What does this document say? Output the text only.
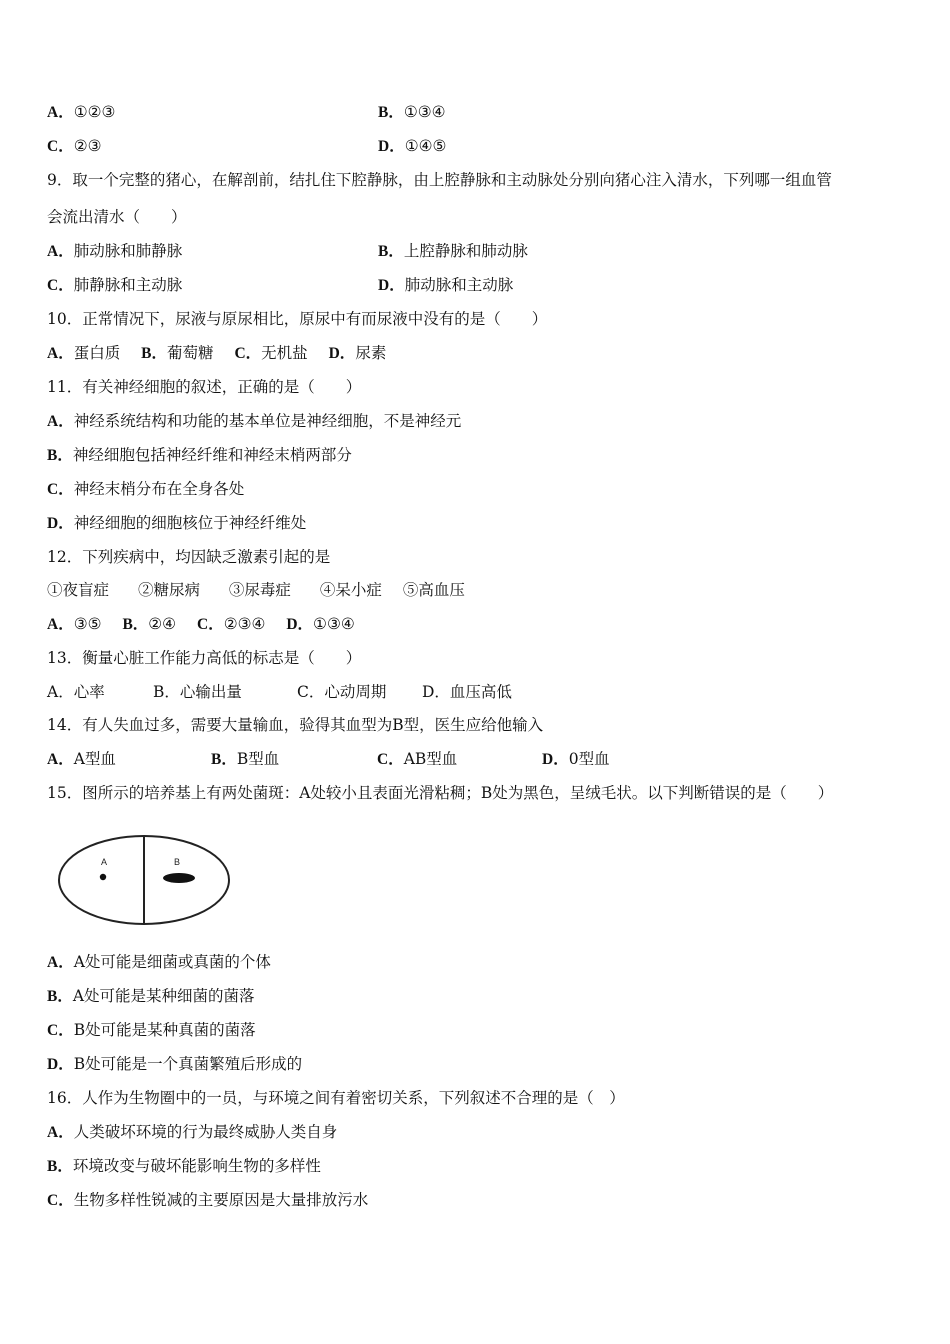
A．①②③	B．①③④
C．②③	D．①④⑤
9．取一个完整的猪心，在解剖前，结扎住下腔静脉，由上腔静脉和主动脉处分别向猪心注入清水，下列哪一组血管
会流出清水（　　）
A．肺动脉和肺静脉	B．上腔静脉和肺动脉
C．肺静脉和主动脉	D．肺动脉和主动脉
10．正常情况下，尿液与原尿相比，原尿中有而尿液中没有的是（　　）
A．蛋白质 B．葡萄糖 C．无机盐 D．尿素
11．有关神经细胞的叙述，正确的是（　　）
A．神经系统结构和功能的基本单位是神经细胞，不是神经元
B．神经细胞包括神经纤维和神经末梢两部分
C．神经末梢分布在全身各处
D．神经细胞的细胞核位于神经纤维处
12．下列疾病中，均因缺乏激素引起的是
①夜盲症 ②糖尿病 ③尿毒症 ④呆小症 ⑤高血压
A．③⑤ B．②④ C．②③④ D．①③④
13．衡量心脏工作能力高低的标志是（　　）
A．心率	B．心输出量	C．心动周期 D．血压高低
14．有人失血过多，需要大量输血，验得其血型为B型，医生应给他输入
A．A型血	B．B型血	C．AB型血	D．0型血
15．图所示的培养基上有两处菌斑：A处较小且表面光滑粘稠；B处为黑色，呈绒毛状。以下判断错误的是（　　）
A	B
A．A处可能是细菌或真菌的个体
B．A处可能是某种细菌的菌落
C．B处可能是某种真菌的菌落
D．B处可能是一个真菌繁殖后形成的
16．人作为生物圈中的一员，与环境之间有着密切关系，下列叙述不合理的是（　）
A．人类破坏环境的行为最终威胁人类自身
B．环境改变与破坏能影响生物的多样性
C．生物多样性锐减的主要原因是大量排放污水
